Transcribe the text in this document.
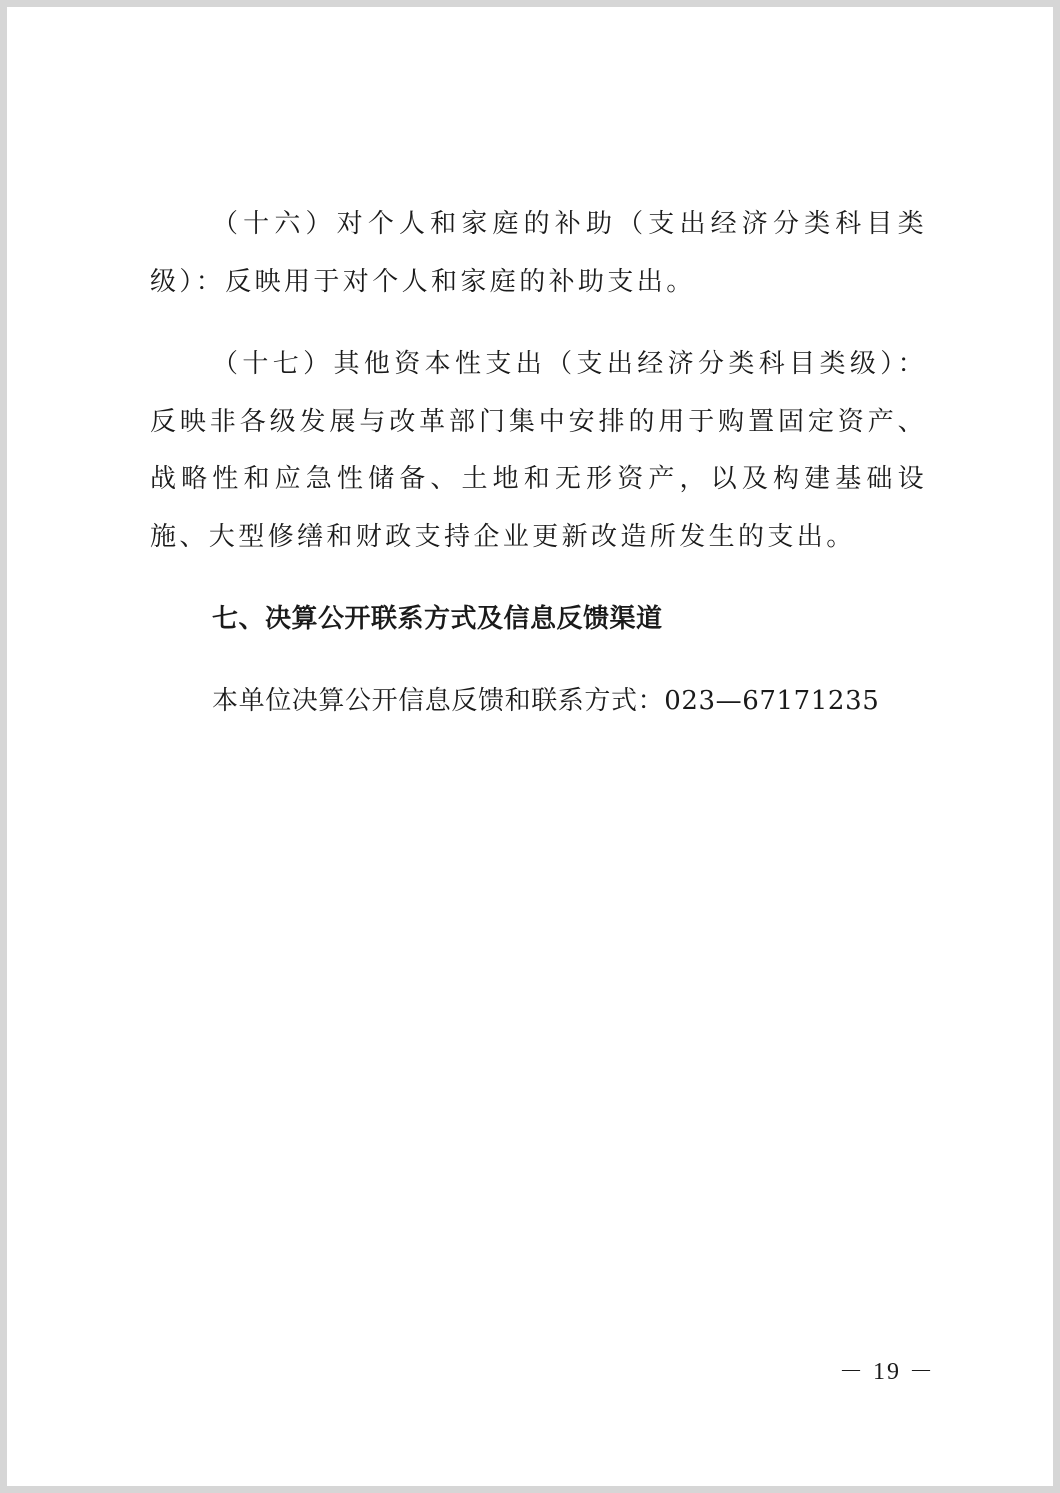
（十六）对个人和家庭的补助（支出经济分类科目类级）：反映用于对个人和家庭的补助支出。

（十七）其他资本性支出（支出经济分类科目类级）：反映非各级发展与改革部门集中安排的用于购置固定资产、战略性和应急性储备、土地和无形资产，以及构建基础设施、大型修缮和财政支持企业更新改造所发生的支出。

七、决算公开联系方式及信息反馈渠道

本单位决算公开信息反馈和联系方式：023—67171235

－ 19 －
